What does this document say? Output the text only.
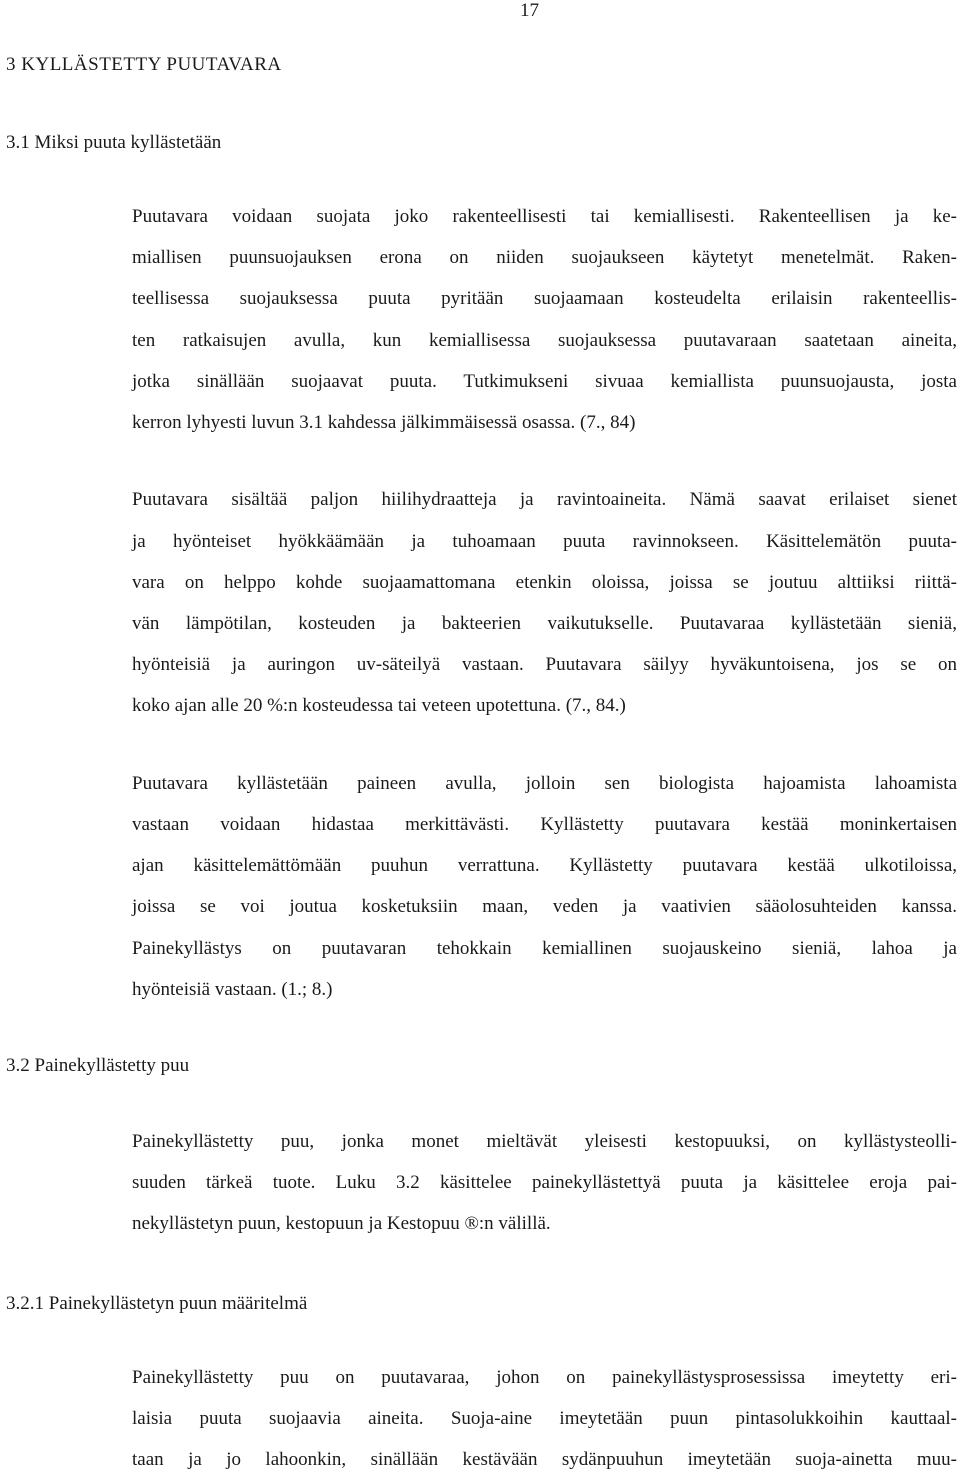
17
3 KYLLÄSTETTY PUUTAVARA
3.1 Miksi puuta kyllästetään
Puutavara voidaan suojata joko rakenteellisesti tai kemiallisesti. Rakenteellisen ja ke-
miallisen puunsuojauksen erona on niiden suojaukseen käytetyt menetelmät. Raken-
teellisessa suojauksessa puuta pyritään suojaamaan kosteudelta erilaisin rakenteellis-
ten ratkaisujen avulla, kun kemiallisessa suojauksessa puutavaraan saatetaan aineita,
jotka sinällään suojaavat puuta. Tutkimukseni sivuaa kemiallista puunsuojausta, josta
kerron lyhyesti luvun 3.1 kahdessa jälkimmäisessä osassa. (7., 84)
Puutavara sisältää paljon hiilihydraatteja ja ravintoaineita. Nämä saavat erilaiset sienet
ja hyönteiset hyökkäämään ja tuhoamaan puuta ravinnokseen. Käsittelemätön puuta-
vara on helppo kohde suojaamattomana etenkin oloissa, joissa se joutuu alttiiksi riittä-
vän lämpötilan, kosteuden ja bakteerien vaikutukselle. Puutavaraa kyllästetään sieniä,
hyönteisiä ja auringon uv-säteilyä vastaan. Puutavara säilyy hyväkuntoisena, jos se on
koko ajan alle 20 %:n kosteudessa tai veteen upotettuna. (7., 84.)
Puutavara kyllästetään paineen avulla, jolloin sen biologista hajoamista lahoamista
vastaan voidaan hidastaa merkittävästi. Kyllästetty puutavara kestää moninkertaisen
ajan käsittelemättömään puuhun verrattuna. Kyllästetty puutavara kestää ulkotiloissa,
joissa se voi joutua kosketuksiin maan, veden ja vaativien sääolosuhteiden kanssa.
Painekyllästys on puutavaran tehokkain kemiallinen suojauskeino sieniä, lahoa ja
hyönteisiä vastaan. (1.; 8.)
3.2 Painekyllästetty puu
Painekyllästetty puu, jonka monet mieltävät yleisesti kestopuuksi, on kyllästysteolli-
suuden tärkeä tuote. Luku 3.2 käsittelee painekyllästettyä puuta ja käsittelee eroja pai-
nekyllästetyn puun, kestopuun ja Kestopuu ®:n välillä.
3.2.1 Painekyllästetyn puun määritelmä
Painekyllästetty puu on puutavaraa, johon on painekyllästysprosessissa imeytetty eri-
laisia puuta suojaavia aineita. Suoja-aine imeytetään puun pintasolukkoihin kauttaal-
taan ja jo lahoonkin, sinällään kestävään sydänpuuhun imeytetään suoja-ainetta muu-
